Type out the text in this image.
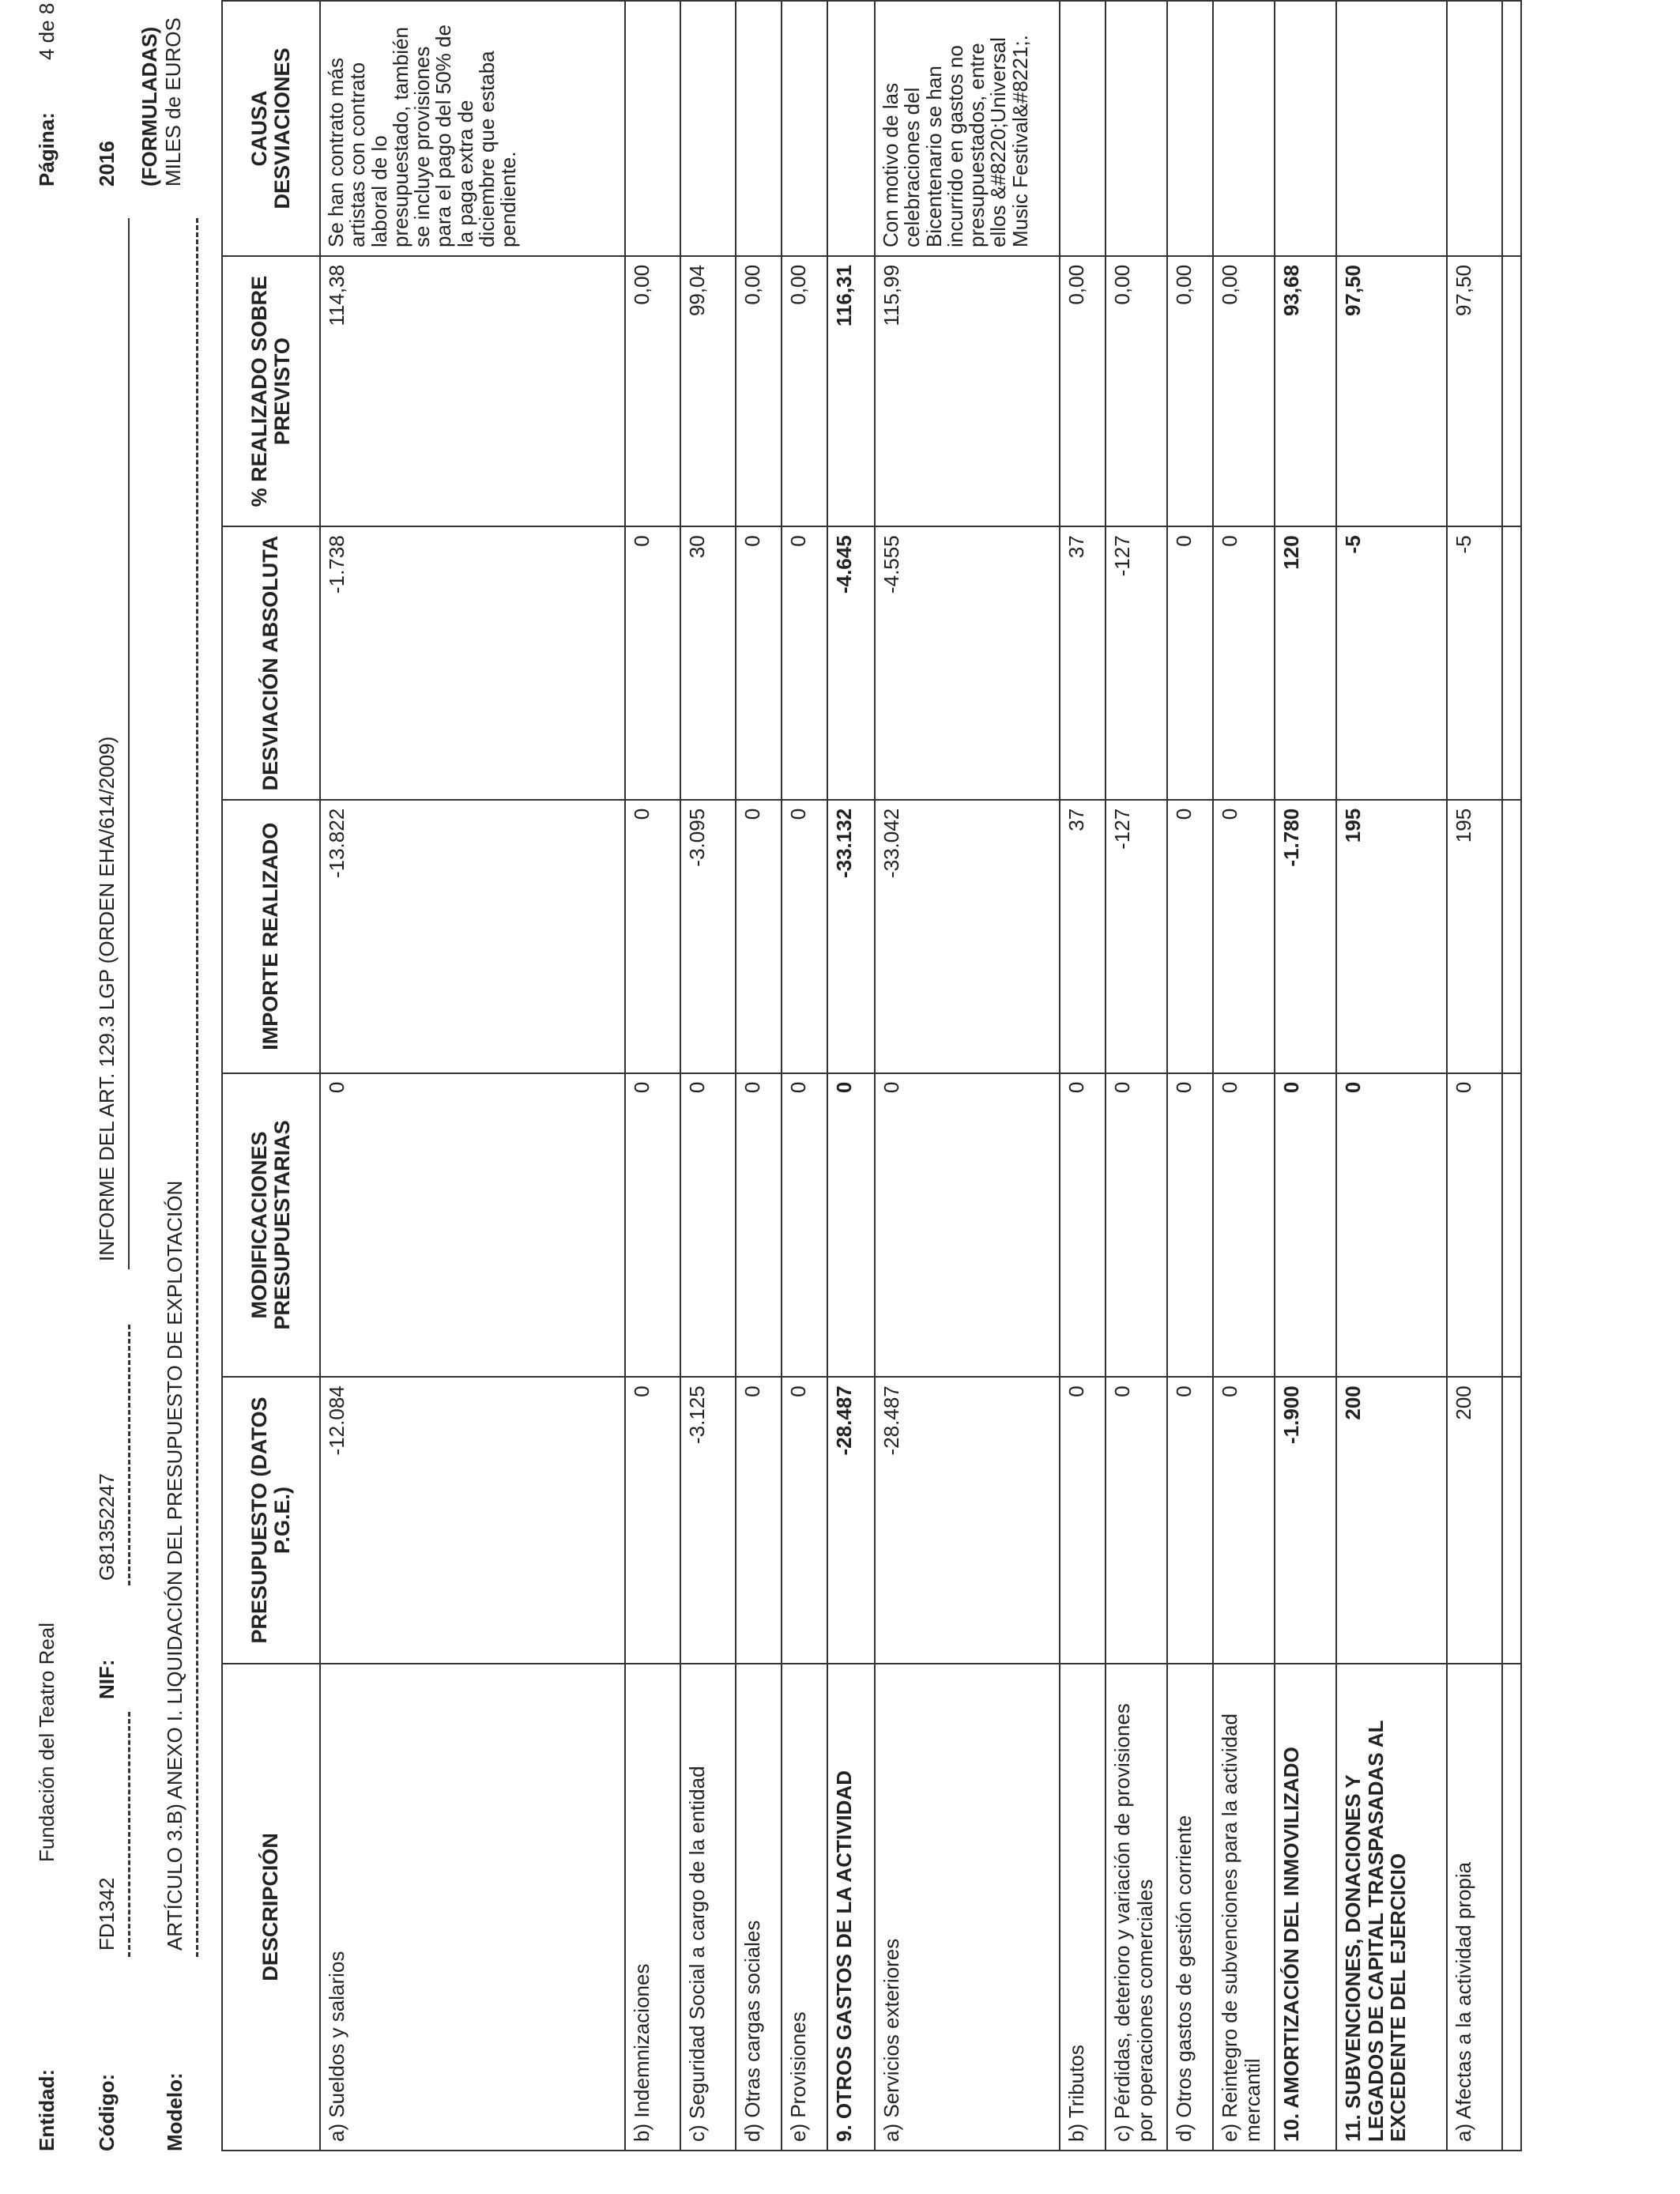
Entidad:
Fundación del Teatro Real
Página:
4 de 8
Código:
FD1342
NIF:
G81352247
INFORME DEL ART. 129.3 LGP (ORDEN EHA/614/2009)
2016 (FORMULADAS)
Modelo:
ARTÍCULO 3.B) ANEXO I. LIQUIDACIÓN DEL PRESUPUESTO DE EXPLOTACIÓN
MILES de EUROS
DESCRIPCIÓN	PRESUPUESTO (DATOS P.G.E.)	MODIFICACIONES PRESUPUESTARIAS	IMPORTE REALIZADO	DESVIACIÓN ABSOLUTA	% REALIZADO SOBRE PREVISTO	CAUSA DESVIACIONES
a) Sueldos y salarios	-12.084	0	-13.822	-1.738	114,38	Se han contrato más artistas con contrato laboral de lo presupuestado, también se incluye provisiones para el pago del 50% de la paga extra de diciembre que estaba pendiente.
b) Indemnizaciones	0	0	0	0	0,00	
c) Seguridad Social a cargo de la entidad	-3.125	0	-3.095	30	99,04	
d) Otras cargas sociales	0	0	0	0	0,00	
e) Provisiones	0	0	0	0	0,00	
9. OTROS GASTOS DE LA ACTIVIDAD	-28.487	0	-33.132	-4.645	116,31	
a) Servicios exteriores	-28.487	0	-33.042	-4.555	115,99	Con motivo de las celebraciones del Bicentenario se han incurrido en gastos no presupuestados, entre ellos &#8220;Universal Music Festival&#8221;.
b) Tributos	0	0	37	37	0,00	
c) Pérdidas, deterioro y variación de provisiones por operaciones comerciales	0	0	-127	-127	0,00	
d) Otros gastos de gestión corriente	0	0	0	0	0,00	
e) Reintegro de subvenciones para la actividad mercantil	0	0	0	0	0,00	
10. AMORTIZACIÓN DEL INMOVILIZADO	-1.900	0	-1.780	120	93,68	
11. SUBVENCIONES, DONACIONES Y LEGADOS DE CAPITAL TRASPASADAS AL EXCEDENTE DEL EJERCICIO	200	0	195	-5	97,50	
a) Afectas a la actividad propia	200	0	195	-5	97,50	
